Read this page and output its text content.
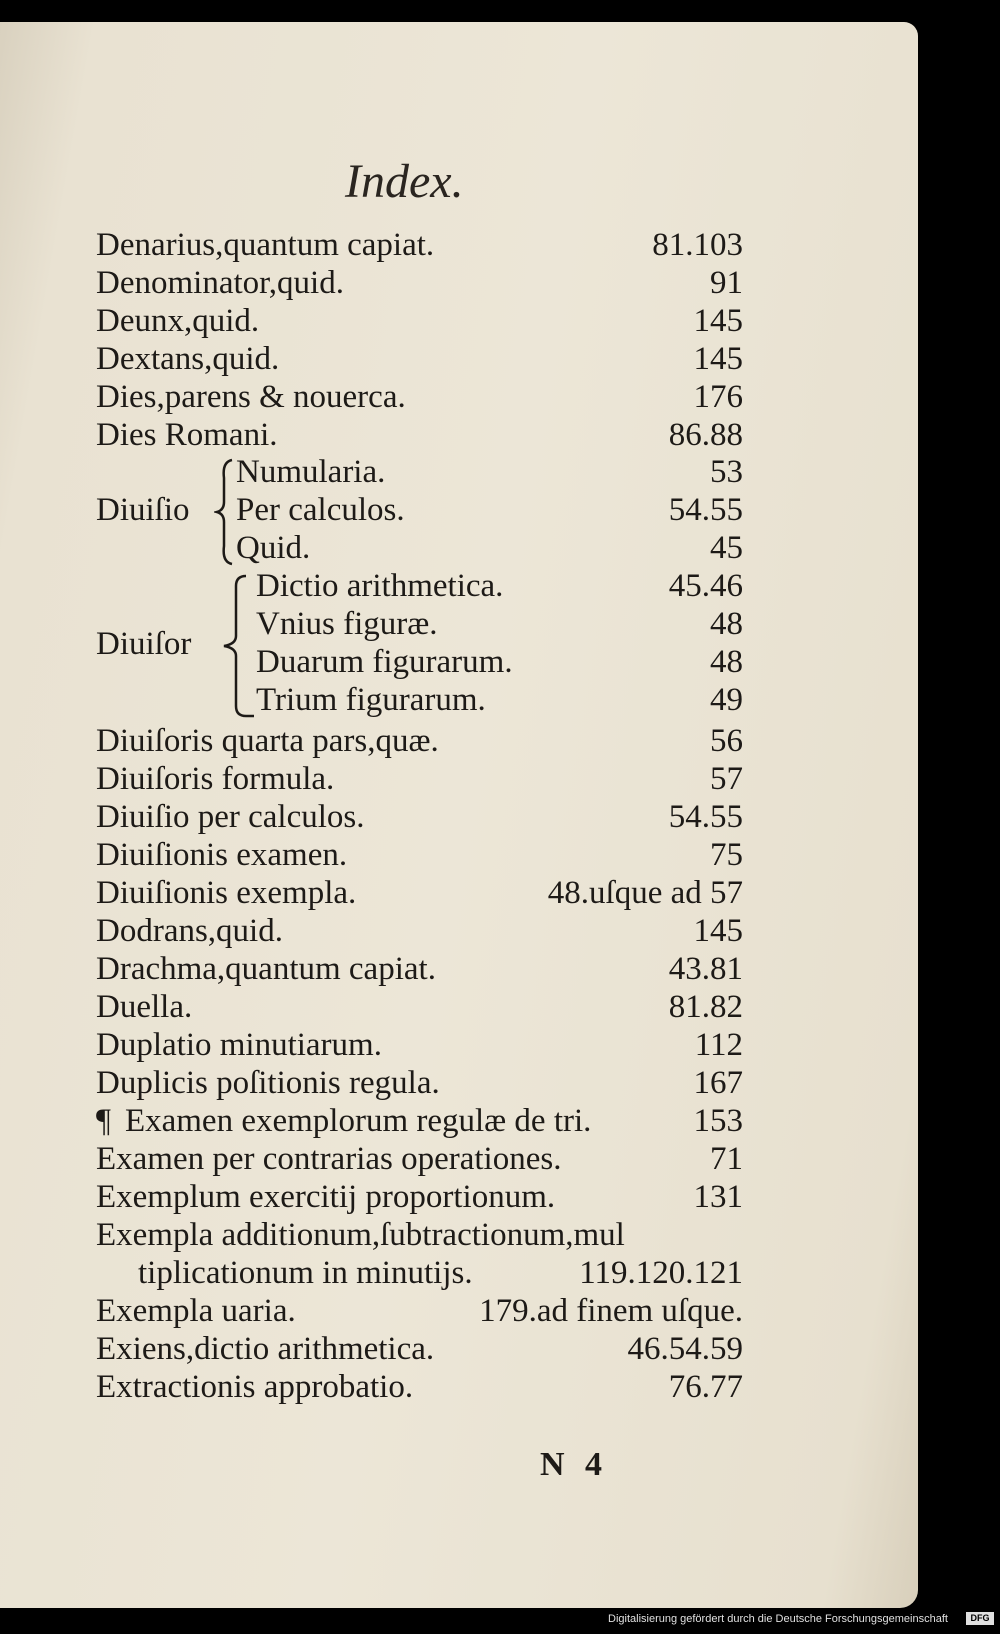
Index.
Denarius,quantum capiat.	81.103
Denominator,quid.	91
Deunx,quid.	145
Dextans,quid.	145
Dies,parens & nouerca.	176
Dies Romani.	86.88
Diuiſio
Numularia.	53
Per calculos.	54.55
Quid.	45
Diuiſor
Dictio arithmetica.	45.46
Vnius figuræ.	48
Duarum figurarum.	48
Trium figurarum.	49
Diuiſoris quarta pars,quæ.	56
Diuiſoris formula.	57
Diuiſio per calculos.	54.55
Diuiſionis examen.	75
Diuiſionis exempla.	48.uſque ad 57
Dodrans,quid.	145
Drachma,quantum capiat.	43.81
Duella.	81.82
Duplatio minutiarum.	112
Duplicis poſitionis regula.	167
¶ Examen exemplorum regulæ de tri.	153
Examen per contrarias operationes.	71
Exemplum exercitij proportionum.	131
Exempla additionum,ſubtractionum,mul
tiplicationum in minutijs.	119.120.121
Exempla uaria.	179.ad finem uſque.
Exiens,dictio arithmetica.	46.54.59
Extractionis approbatio.	76.77
N 4
Digitalisierung gefördert durch die Deutsche Forschungsgemeinschaft	DFG
